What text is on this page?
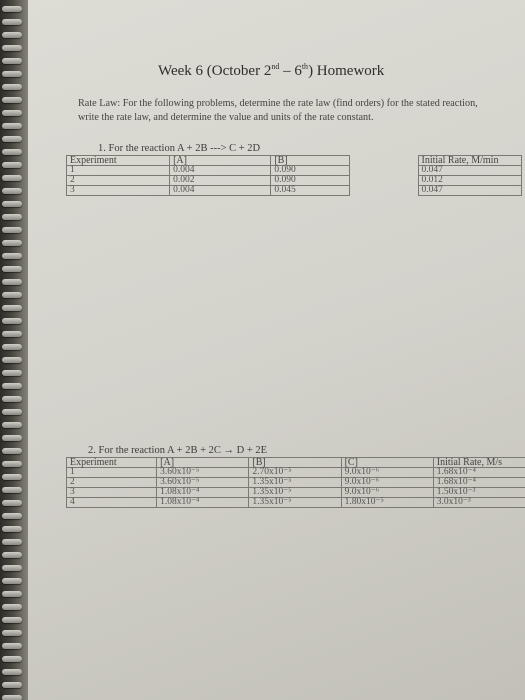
Week 6 (October 2nd – 6th) Homework
Rate Law: For the following problems, determine the rate law (find orders) for the stated reaction, write the rate law, and determine the value and units of the rate constant.
1. For the reaction A + 2B ---> C + 2D
Experiment	[A]	[B]		Initial Rate, M/min
1	0.004	0.090		0.047
2	0.002	0.090		0.012
3	0.004	0.045		0.047
2. For the reaction A + 2B + 2C → D + 2E
Experiment	[A]	[B]	[C]	Initial Rate, M/s
1	3.60x10⁻⁵	2.70x10⁻⁵	9.0x10⁻⁶	1.68x10⁻⁴
2	3.60x10⁻⁵	1.35x10⁻⁵	9.0x10⁻⁶	1.68x10⁻⁴
3	1.08x10⁻⁴	1.35x10⁻⁵	9.0x10⁻⁶	1.50x10⁻³
4	1.08x10⁻⁴	1.35x10⁻⁵	1.80x10⁻⁵	3.0x10⁻³
